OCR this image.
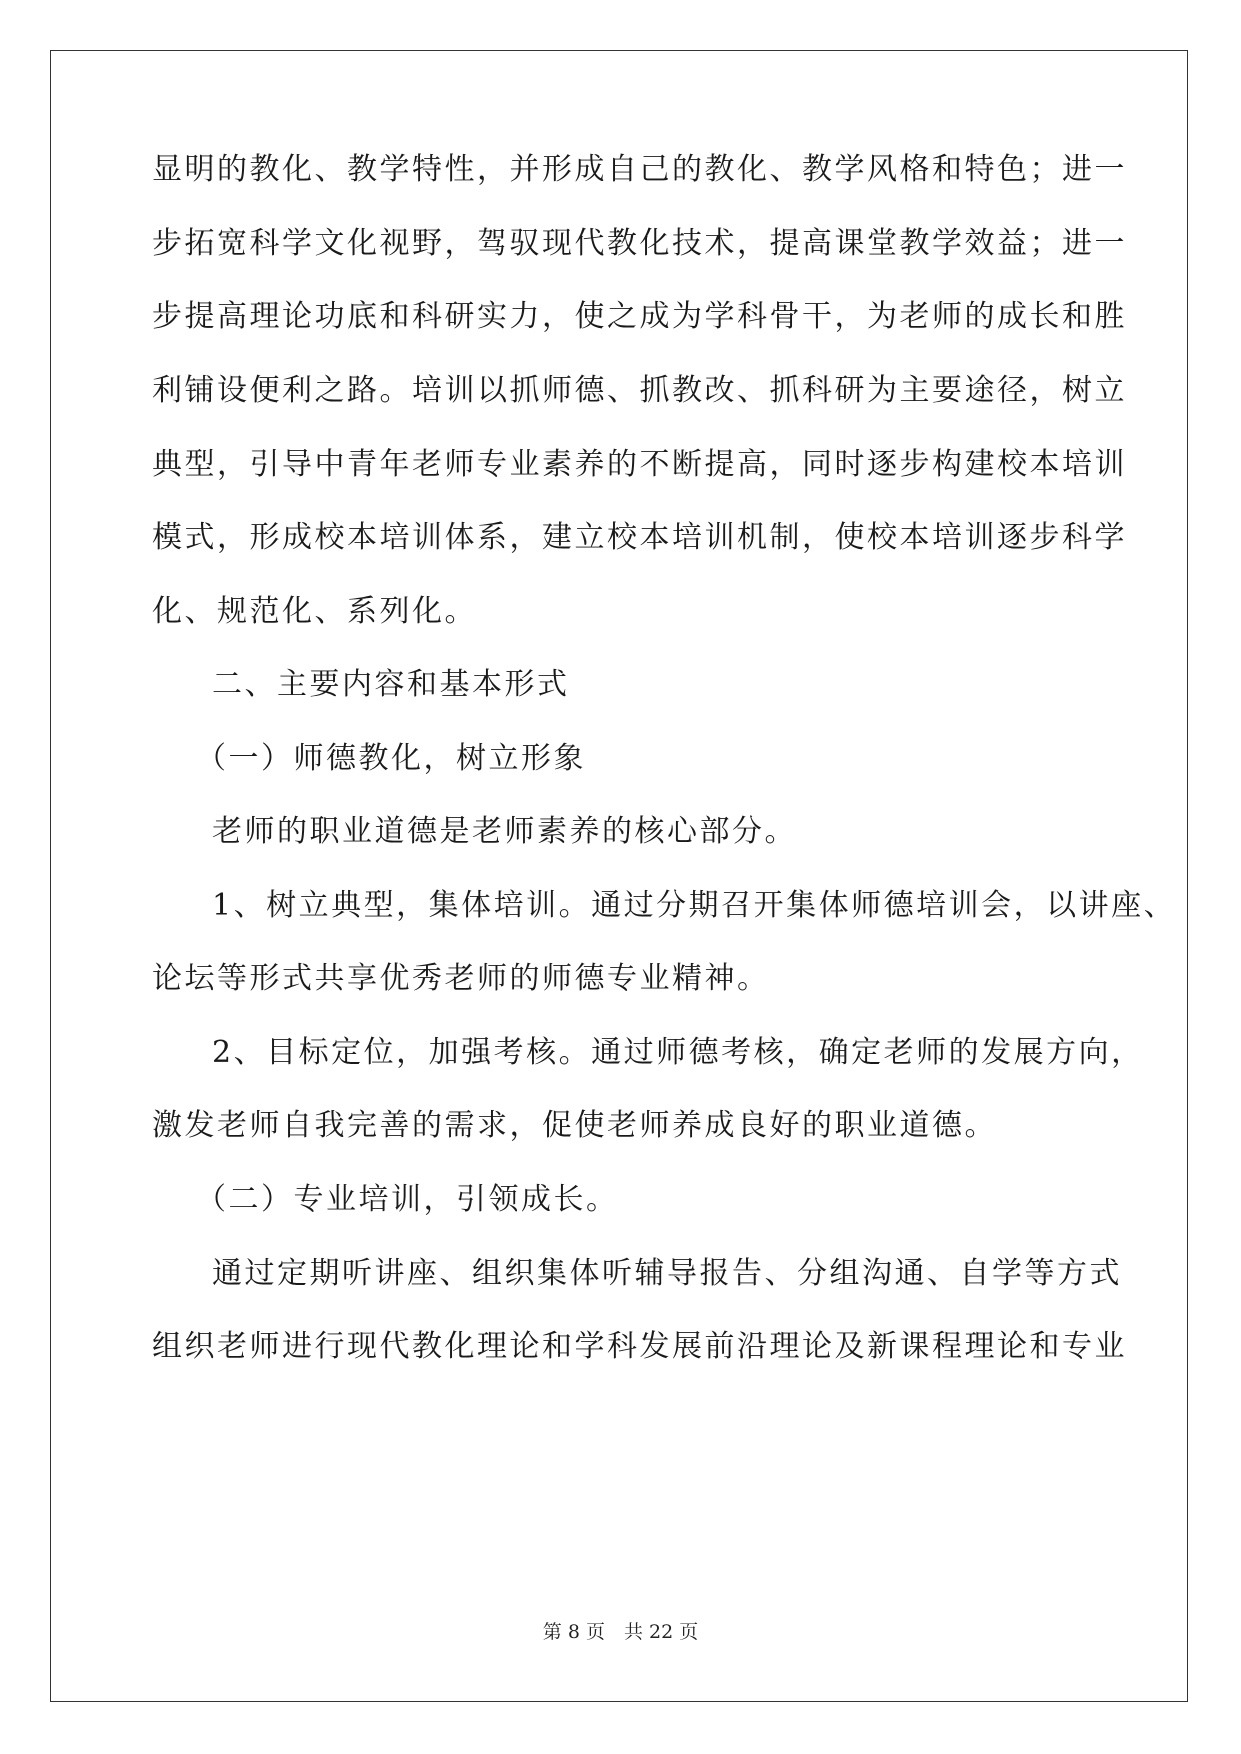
显明的教化、教学特性，并形成自己的教化、教学风格和特色；进一
步拓宽科学文化视野，驾驭现代教化技术，提高课堂教学效益；进一
步提高理论功底和科研实力，使之成为学科骨干，为老师的成长和胜
利铺设便利之路。培训以抓师德、抓教改、抓科研为主要途径，树立
典型，引导中青年老师专业素养的不断提高，同时逐步构建校本培训
模式，形成校本培训体系，建立校本培训机制，使校本培训逐步科学
化、规范化、系列化。
二、主要内容和基本形式
（一）师德教化，树立形象
老师的职业道德是老师素养的核心部分。
1、树立典型，集体培训。通过分期召开集体师德培训会，以讲座、
论坛等形式共享优秀老师的师德专业精神。
2、目标定位，加强考核。通过师德考核，确定老师的发展方向，
激发老师自我完善的需求，促使老师养成良好的职业道德。
（二）专业培训，引领成长。
通过定期听讲座、组织集体听辅导报告、分组沟通、自学等方式
组织老师进行现代教化理论和学科发展前沿理论及新课程理论和专业
第 8 页　共 22 页
